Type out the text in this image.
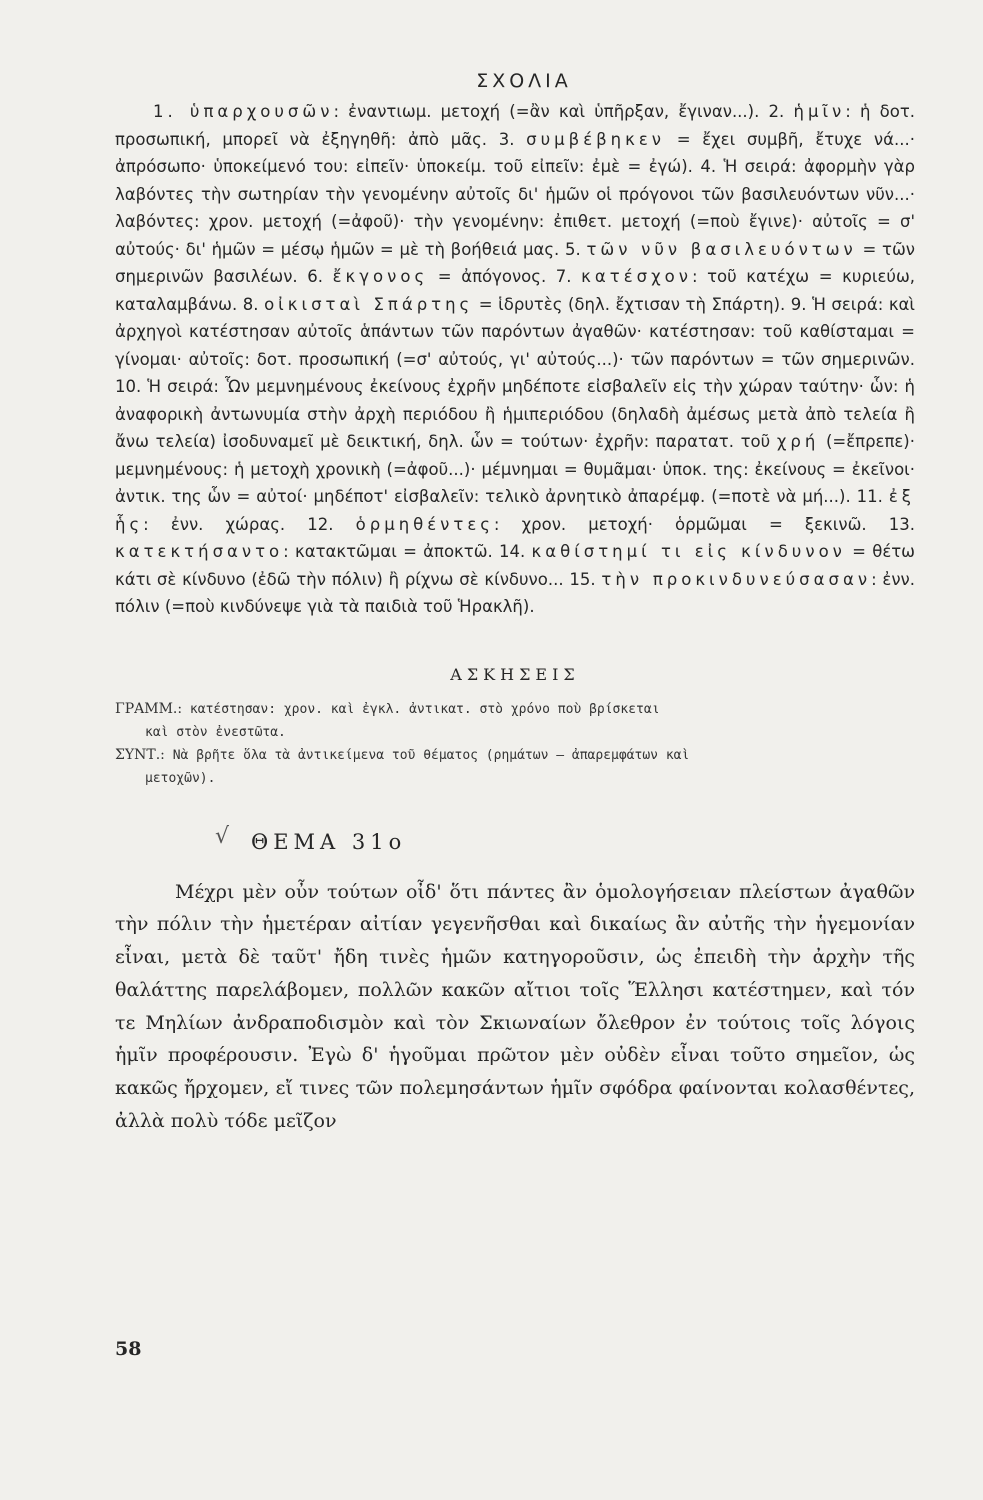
ΣΧΟΛΙΑ

1. ὑπαρχουσῶν: ἐναντιωμ. μετοχή (=ἂν καὶ ὑπῆρξαν, ἔγιναν...). 2. ἡμῖν: ἡ δοτ. προσωπική, μπορεῖ νὰ ἐξηγηθῆ: ἀπὸ μᾶς. 3. συμβέβηκεν = ἔχει συμβῆ, ἔτυχε νά...· ἀπρόσωπο· ὑποκείμενό του: εἰπεῖν· ὑποκείμ. τοῦ εἰπεῖν: ἐμὲ = ἐγώ). 4. Ἡ σειρά: ἀφορμὴν γὰρ λαβόντες τὴν σωτηρίαν τὴν γενομένην αὐτοῖς δι' ἡμῶν οἱ πρόγονοι τῶν βασιλευόντων νῦν...· λαβόντες: χρον. μετοχή (=ἀφοῦ)· τὴν γενομένην: ἐπιθετ. μετοχή (=ποὺ ἔγινε)· αὐτοῖς = σ' αὐτούς· δι' ἡμῶν = μέσῳ ἡμῶν = μὲ τὴ βοήθειά μας. 5. τῶν νῦν βασιλευόντων = τῶν σημερινῶν βασιλέων. 6. ἔκγονος = ἀπόγονος. 7. κατέσχον: τοῦ κατέχω = κυριεύω, καταλαμβάνω. 8. οἰκισταὶ Σπάρτης = ἱδρυτὲς (δηλ. ἔχτισαν τὴ Σπάρτη). 9. Ἡ σειρά: καὶ ἀρχηγοὶ κατέστησαν αὐτοῖς ἁπάντων τῶν παρόντων ἀγαθῶν· κατέστησαν: τοῦ καθίσταμαι = γίνομαι· αὐτοῖς: δοτ. προσωπική (=σ' αὐτούς, γι' αὐτούς...)· τῶν παρόντων = τῶν σημερινῶν. 10. Ἡ σειρά: Ὧν μεμνημένους ἐκείνους ἐχρῆν μηδέποτε εἰσβαλεῖν εἰς τὴν χώραν ταύτην· ὧν: ἡ ἀναφορικὴ ἀντωνυμία στὴν ἀρχὴ περιόδου ἢ ἡμιπεριόδου (δηλαδὴ ἀμέσως μετὰ ἀπὸ τελεία ἢ ἄνω τελεία) ἰσοδυναμεῖ μὲ δεικτική, δηλ. ὧν = τούτων· ἐχρῆν: παρατατ. τοῦ χρή (=ἔπρεπε)· μεμνημένους: ἡ μετοχὴ χρονικὴ (=ἀφοῦ...)· μέμνημαι = θυμᾶμαι· ὑποκ. της: ἐκείνους = ἐκεῖνοι· ἀντικ. της ὧν = αὐτοί· μηδέποτ' εἰσβαλεῖν: τελικὸ ἀρνητικὸ ἀπαρέμφ. (=ποτὲ νὰ μή...). 11. ἐξ ἧς: ἐνν. χώρας. 12. ὁρμηθέντες: χρον. μετοχή· ὁρμῶμαι = ξεκινῶ. 13. κατεκτήσαντο: κατακτῶμαι = ἀποκτῶ. 14. καθίστημί τι εἰς κίνδυνον = θέτω κάτι σὲ κίνδυνο (ἐδῶ τὴν πόλιν) ἢ ρίχνω σὲ κίνδυνο... 15. τὴν προκινδυνεύσασαν: ἐνν. πόλιν (=ποὺ κινδύνεψε γιὰ τὰ παιδιὰ τοῦ Ἡρακλῆ).

ΑΣΚΗΣΕΙΣ

ΓΡΑΜΜ.: κατέστησαν: χρον. καὶ ἐγκλ. ἀντικατ. στὸ χρόνο ποὺ βρίσκεται
καὶ στὸν ἐνεστῶτα.

ΣΥΝΤ.: Νὰ βρῆτε ὅλα τὰ ἀντικείμενα τοῦ θέματος (ρημάτων — ἀπαρεμφάτων καὶ
μετοχῶν).

√ ΘΕΜΑ 31ο

Μέχρι μὲν οὖν τούτων οἶδ' ὅτι πάντες ἂν ὁμολογήσειαν πλείστων ἀγαθῶν τὴν πόλιν τὴν ἡμετέραν αἰτίαν γεγενῆσθαι καὶ δικαίως ἂν αὐτῆς τὴν ἡγεμονίαν εἶναι, μετὰ δὲ ταῦτ' ἤδη τινὲς ἡμῶν κατηγοροῦσιν, ὡς ἐπειδὴ τὴν ἀρχὴν τῆς θαλάττης παρελάβομεν, πολλῶν κακῶν αἴτιοι τοῖς Ἕλλησι κατέστημεν, καὶ τόν τε Μηλίων ἀνδραποδισμὸν καὶ τὸν Σκιωναίων ὄλεθρον ἐν τούτοις τοῖς λόγοις ἡμῖν προφέρουσιν. Ἐγὼ δ' ἡγοῦμαι πρῶτον μὲν οὐδὲν εἶναι τοῦτο σημεῖον, ὡς κακῶς ἤρχομεν, εἴ τινες τῶν πολεμησάντων ἡμῖν σφόδρα φαίνονται κολασθέντες, ἀλλὰ πολὺ τόδε μεῖζον

58
